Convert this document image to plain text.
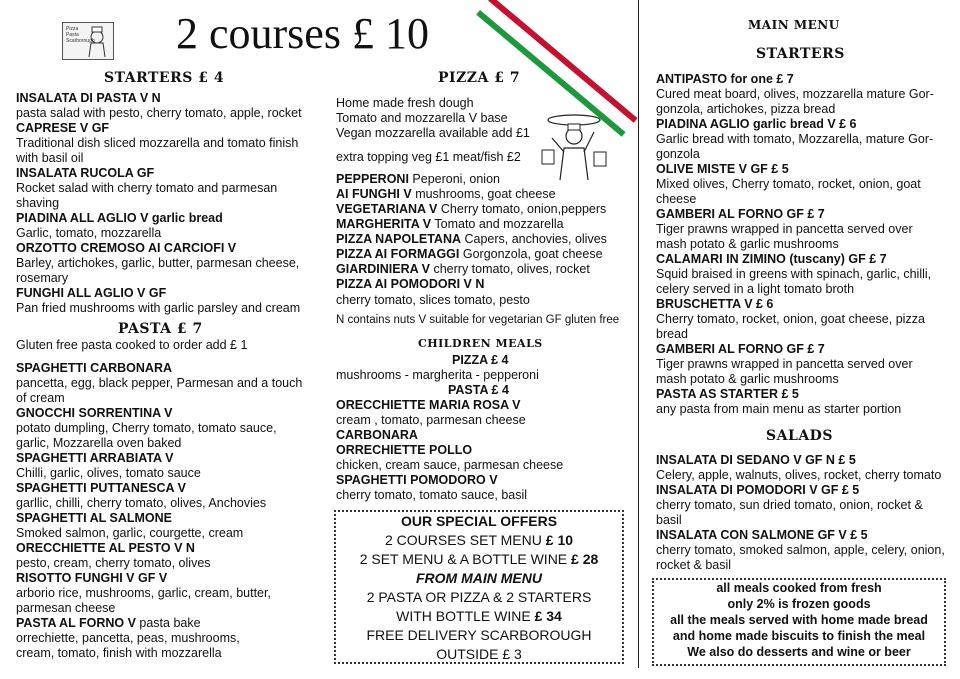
Pizza
Pasta
Scarborough 2 courses £ 10
STARTERS £ 4
INSALATA DI PASTA V N
pasta salad with pesto, cherry tomato, apple, rocket
CAPRESE V GF
Traditional dish sliced mozzarella and tomato finish
with basil oil
INSALATA RUCOLA GF
Rocket salad with cherry tomato and parmesan
shaving
PIADINA ALL AGLIO V garlic bread
Garlic, tomato, mozzarella
ORZOTTO CREMOSO AI CARCIOFI V
Barley, artichokes, garlic, butter, parmesan cheese,
rosemary
FUNGHI ALL AGLIO V GF
Pan fried mushrooms with garlic parsley and cream
PASTA £ 7
Gluten free pasta cooked to order add £ 1
SPAGHETTI CARBONARA
pancetta, egg, black pepper, Parmesan and a touch
of cream
GNOCCHI SORRENTINA V
potato dumpling, Cherry tomato, tomato sauce,
garlic, Mozzarella oven baked
SPAGHETTI ARRABIATA V
Chilli, garlic, olives, tomato sauce
SPAGHETTI PUTTANESCA V
garllic, chilli, cherry tomato, olives, Anchovies
SPAGHETTI AL SALMONE
Smoked salmon, garlic, courgette, cream
ORECCHIETTE AL PESTO V N
pesto, cream, cherry tomato, olives
RISOTTO FUNGHI V GF V
arborio rice, mushrooms, garlic, cream, butter,
parmesan cheese
PASTA AL FORNO V pasta bake
orrechiette, pancetta, peas, mushrooms,
cream, tomato, finish with mozzarella
PIZZA £ 7
Home made fresh dough
Tomato and mozzarella V base
Vegan mozzarella available add £1
extra topping veg £1 meat/fish £2
PEPPERONI Peperoni, onion
AI FUNGHI V mushrooms, goat cheese
VEGETARIANA V Cherry tomato, onion,peppers
MARGHERITA V Tomato and mozzarella
PIZZA NAPOLETANA Capers, anchovies, olives
PIZZA AI FORMAGGI Gorgonzola, goat cheese
GIARDINIERA V cherry tomato, olives, rocket
PIZZA AI POMODORI V N
cherry tomato, slices tomato, pesto
N contains nuts V suitable for vegetarian GF gluten free
CHILDREN MEALS
PIZZA £ 4
mushrooms - margherita - pepperoni
PASTA £ 4
ORECCHIETTE MARIA ROSA V
cream , tomato, parmesan cheese
CARBONARA
ORRECHIETTE POLLO
chicken, cream sauce, parmesan cheese
SPAGHETTI POMODORO V
cherry tomato, tomato sauce, basil
OUR SPECIAL OFFERS
2 COURSES SET MENU £ 10
2 SET MENU & A BOTTLE WINE £ 28
FROM MAIN MENU
2 PASTA OR PIZZA & 2 STARTERS
WITH BOTTLE WINE £ 34
FREE DELIVERY SCARBOROUGH
OUTSIDE £ 3
MAIN MENU
STARTERS
ANTIPASTO for one £ 7
Cured meat board, olives, mozzarella mature Gor-
gonzola, artichokes, pizza bread
PIADINA AGLIO garlic bread V £ 6
Garlic bread with tomato, Mozzarella, mature Gor-
gonzola
OLIVE MISTE V GF £ 5
Mixed olives, Cherry tomato, rocket, onion, goat
cheese
GAMBERI AL FORNO GF £ 7
Tiger prawns wrapped in pancetta served over
mash potato & garlic mushrooms
CALAMARI IN ZIMINO (tuscany) GF £ 7
Squid braised in greens with spinach, garlic, chilli,
celery served in a light tomato broth
BRUSCHETTA V £ 6
Cherry tomato, rocket, onion, goat cheese, pizza
bread
GAMBERI AL FORNO GF £ 7
Tiger prawns wrapped in pancetta served over
mash potato & garlic mushrooms
PASTA AS STARTER £ 5
any pasta from main menu as starter portion
SALADS
INSALATA DI SEDANO V GF N £ 5
Celery, apple, walnuts, olives, rocket, cherry tomato
INSALATA DI POMODORI V GF £ 5
cherry tomato, sun dried tomato, onion, rocket &
basil
INSALATA CON SALMONE GF V £ 5
cherry tomato, smoked salmon, apple, celery, onion,
rocket & basil
all meals cooked from fresh
only 2% is frozen goods
all the meals served with home made bread
and home made biscuits to finish the meal
We also do desserts and wine or beer
